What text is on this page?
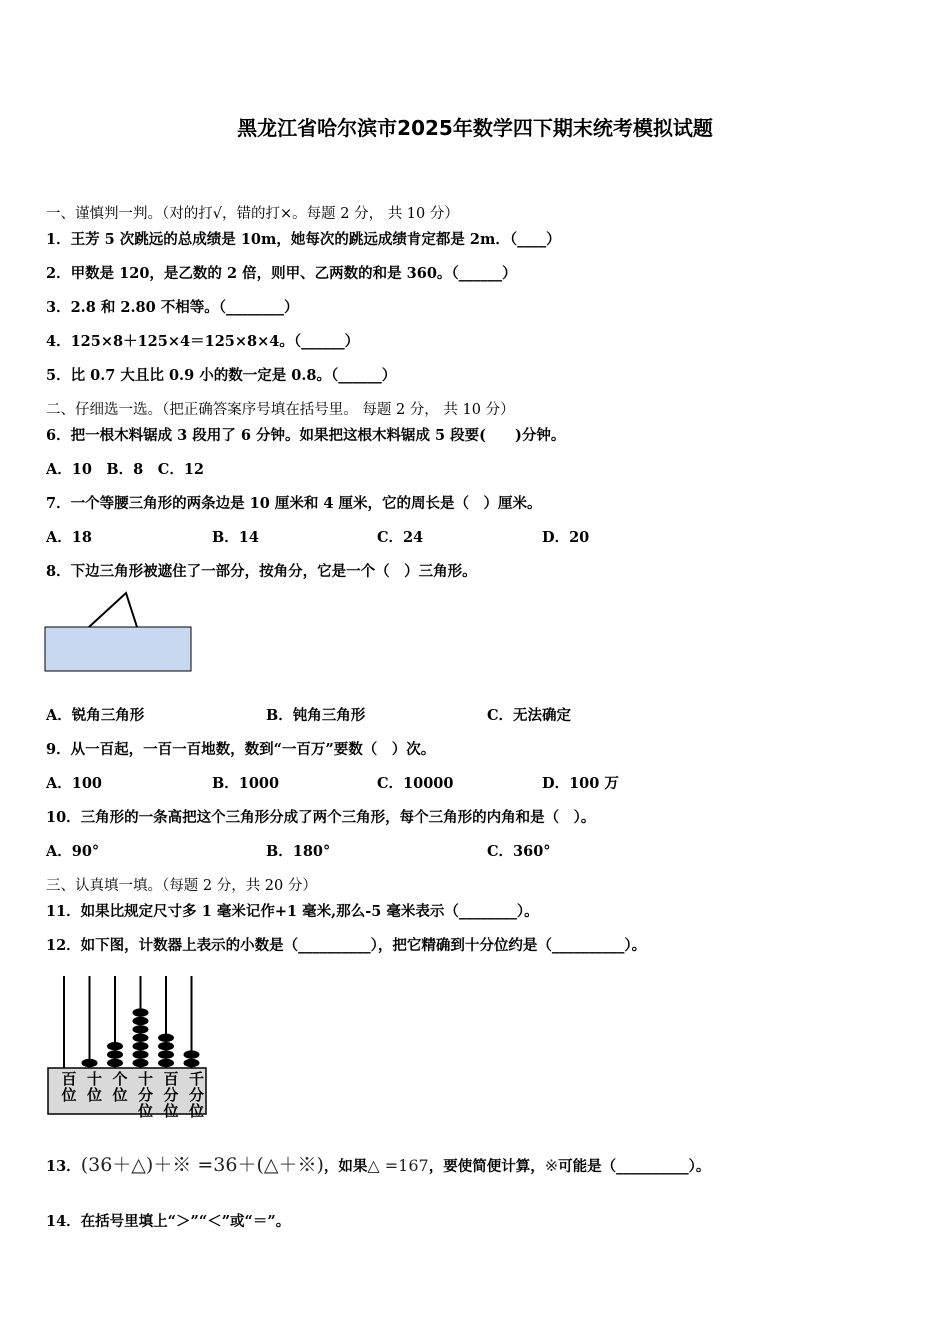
黑龙江省哈尔滨市2025年数学四下期末统考模拟试题
一、谨慎判一判。（对的打√，错的打×。每题 2 分， 共 10 分）
1．王芳 5 次跳远的总成绩是 10m，她每次的跳远成绩肯定都是 2m．（____）
2．甲数是 120，是乙数的 2 倍，则甲、乙两数的和是 360。（______）
3．2.8 和 2.80 不相等。（________）
4．125×8＋125×4＝125×8×4。（______）
5．比 0.7 大且比 0.9 小的数一定是 0.8。（______）
二、仔细选一选。（把正确答案序号填在括号里。 每题 2 分， 共 10 分）
6．把一根木料锯成 3 段用了 6 分钟。如果把这根木料锯成 5 段要(　　)分钟。
A．10　B．8　C．12
7．一个等腰三角形的两条边是 10 厘米和 4 厘米，它的周长是（　）厘米。
A．18	B．14	C．24	D．20
8．下边三角形被遮住了一部分，按角分，它是一个（　）三角形。
A．锐角三角形	B．钝角三角形	C．无法确定
9．从一百起，一百一百地数，数到“一百万”要数（　）次。
A．100	B．1000	C．10000	D．100 万
10．三角形的一条高把这个三角形分成了两个三角形，每个三角形的内角和是（　）。
A．90°	B．180°	C．360°
三、认真填一填。（每题 2 分，共 20 分）
11．如果比规定尺寸多 1 毫米记作+1 毫米,那么-5 毫米表示（________）。
12．如下图，计数器上表示的小数是（__________），把它精确到十分位约是（__________）。
百位
十位
个位
十分位
百分位
千分位
13．(36＋△)＋※ =36＋(△＋※)，如果△ =167，要使简便计算，※可能是（__________）。
14．在括号里填上“＞”“＜”或“＝”。
